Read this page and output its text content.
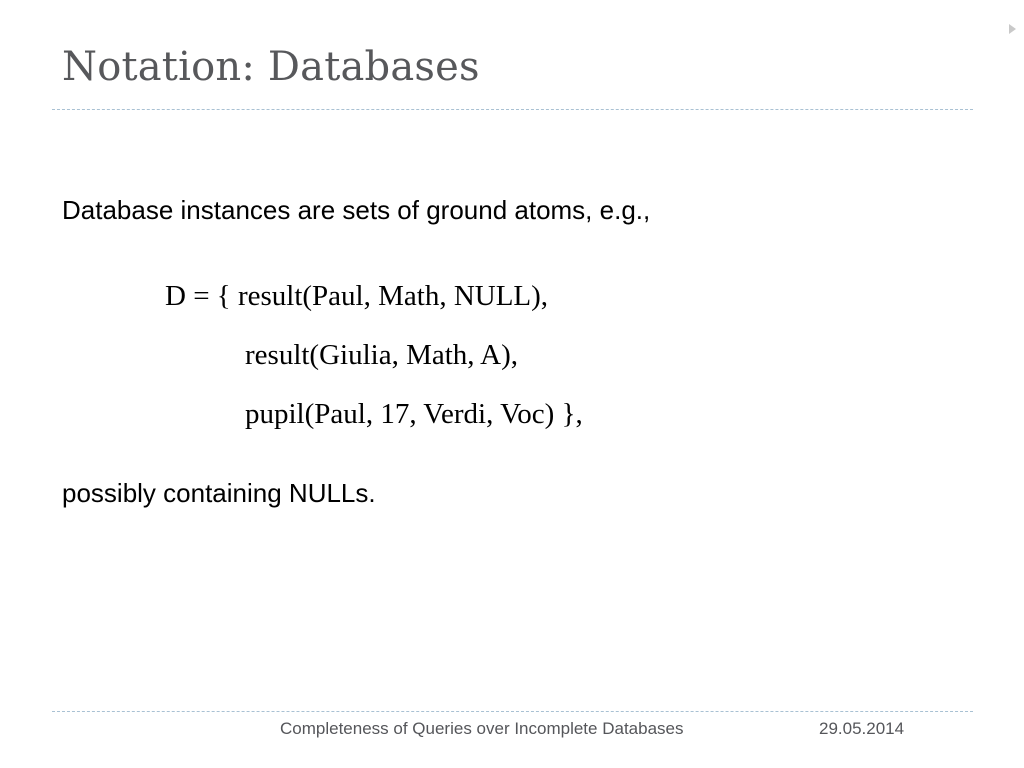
Notation: Databases
Database instances are sets of ground atoms, e.g.,
D = { result(Paul, Math, NULL),
result(Giulia, Math, A),
pupil(Paul, 17, Verdi, Voc) },
possibly containing NULLs.
Completeness of Queries over Incomplete Databases	29.05.2014
